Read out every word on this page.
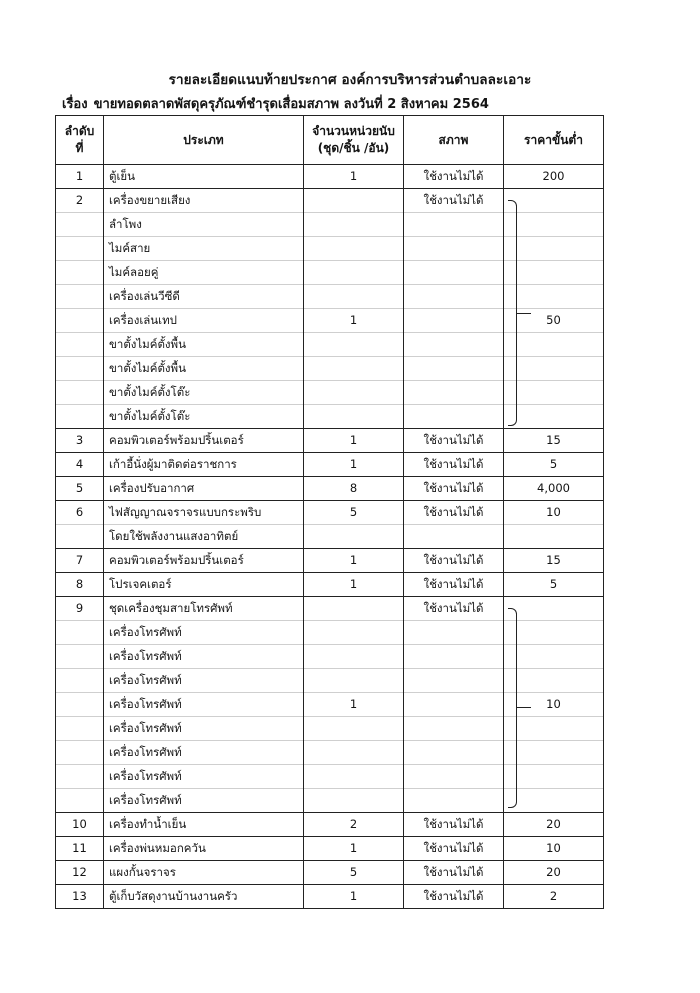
รายละเอียดแนบท้ายประกาศ องค์การบริหารส่วนตำบลละเอาะ
เรื่อง ขายทอดตลาดพัสดุครุภัณฑ์ชำรุดเสื่อมสภาพ ลงวันที่ 2 สิงหาคม 2564
ลำดับที่	ประเภท	จำนวนหน่วยนับ (ชุด/ชิ้น /อัน)	สภาพ	ราคาขั้นต่ำ
1	ตู้เย็น	1	ใช้งานไม่ได้	200
2	เครื่องขยายเสียง		ใช้งานไม่ได้	
	ลำโพง			
	ไมค์สาย			
	ไมค์ลอยคู่			
	เครื่องเล่นวีซีดี			
	เครื่องเล่นเทป	1		50
	ขาตั้งไมค์ตั้งพื้น			
	ขาตั้งไมค์ตั้งพื้น			
	ขาตั้งไมค์ตั้งโต๊ะ			
	ขาตั้งไมค์ตั้งโต๊ะ			
3	คอมพิวเตอร์พร้อมปริ้นเตอร์	1	ใช้งานไม่ได้	15
4	เก้าอี้นั่งผู้มาติดต่อราชการ	1	ใช้งานไม่ได้	5
5	เครื่องปรับอากาศ	8	ใช้งานไม่ได้	4,000
6	ไฟสัญญาณจราจรแบบกระพริบ	5	ใช้งานไม่ได้	10
	โดยใช้พลังงานแสงอาทิตย์			
7	คอมพิวเตอร์พร้อมปริ้นเตอร์	1	ใช้งานไม่ได้	15
8	โปรเจคเตอร์	1	ใช้งานไม่ได้	5
9	ชุดเครื่องชุมสายโทรศัพท์		ใช้งานไม่ได้	
	เครื่องโทรศัพท์			
	เครื่องโทรศัพท์			
	เครื่องโทรศัพท์			
	เครื่องโทรศัพท์	1		10
	เครื่องโทรศัพท์			
	เครื่องโทรศัพท์			
	เครื่องโทรศัพท์			
	เครื่องโทรศัพท์			
10	เครื่องทำน้ำเย็น	2	ใช้งานไม่ได้	20
11	เครื่องพ่นหมอกควัน	1	ใช้งานไม่ได้	10
12	แผงกั้นจราจร	5	ใช้งานไม่ได้	20
13	ตู้เก็บวัสดุงานบ้านงานครัว	1	ใช้งานไม่ได้	2
